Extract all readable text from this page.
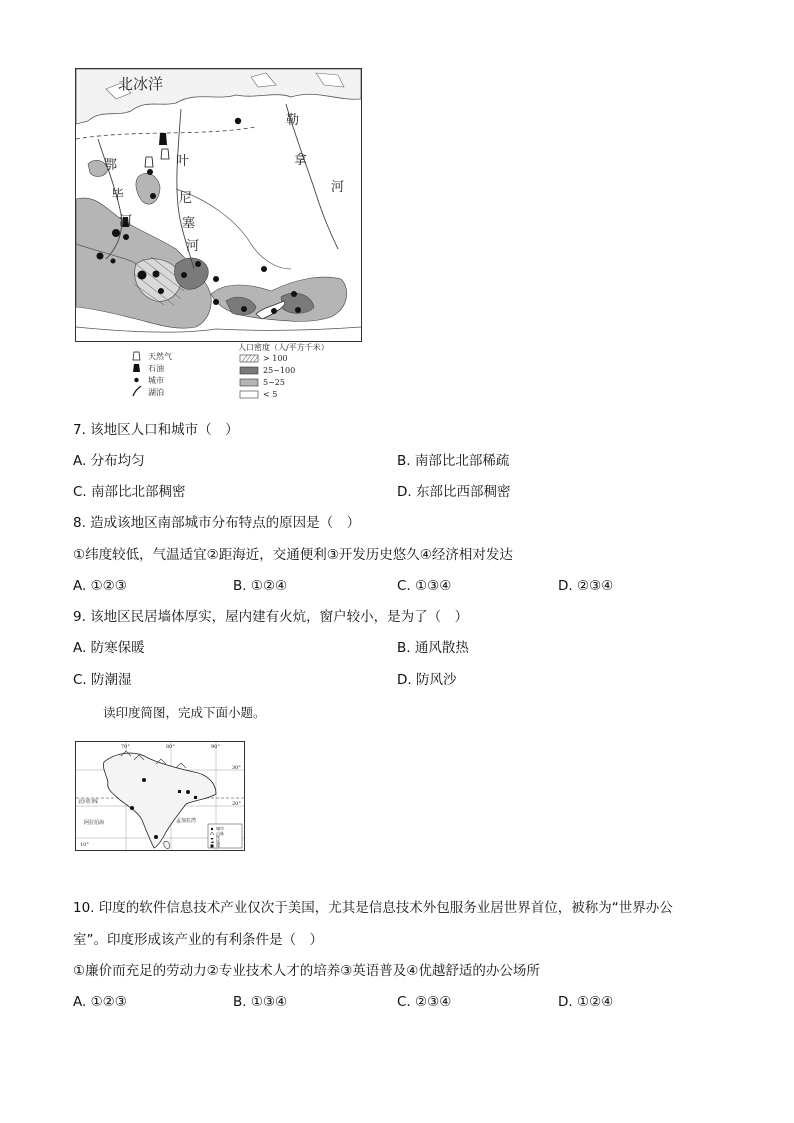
北冰洋
鄂
毕
河
叶
尼
塞
河
勒
拿
河
天然气
石油
城市
湖泊
人口密度（人/平方千米）
> 100
25~100
5~25
< 5
7. 该地区人口和城市（　）
A. 分布均匀	B. 南部比北部稀疏
C. 南部比北部稠密	D. 东部比西部稠密
8. 造成该地区南部城市分布特点的原因是（　）
①纬度较低，气温适宜②距海近，交通便利③开发历史悠久④经济相对发达
A. ①②③	B. ①②④	C. ①③④	D. ②③④
9. 该地区民居墙体厚实，屋内建有火炕，窗户较小，是为了（　）
A. 防寒保暖	B. 通风散热
C. 防潮湿	D. 防风沙
读印度简图，完成下面小题。
70°	80°	90°
30°
20°
10°
北回归线
阿拉伯海	孟加拉湾
城市
山脉
铁
锰
煤
10. 印度的软件信息技术产业仅次于美国，尤其是信息技术外包服务业居世界首位，被称为“世界办公
室”。印度形成该产业的有利条件是（　）
①廉价而充足的劳动力②专业技术人才的培养③英语普及④优越舒适的办公场所
A. ①②③	B. ①③④	C. ②③④	D. ①②④
